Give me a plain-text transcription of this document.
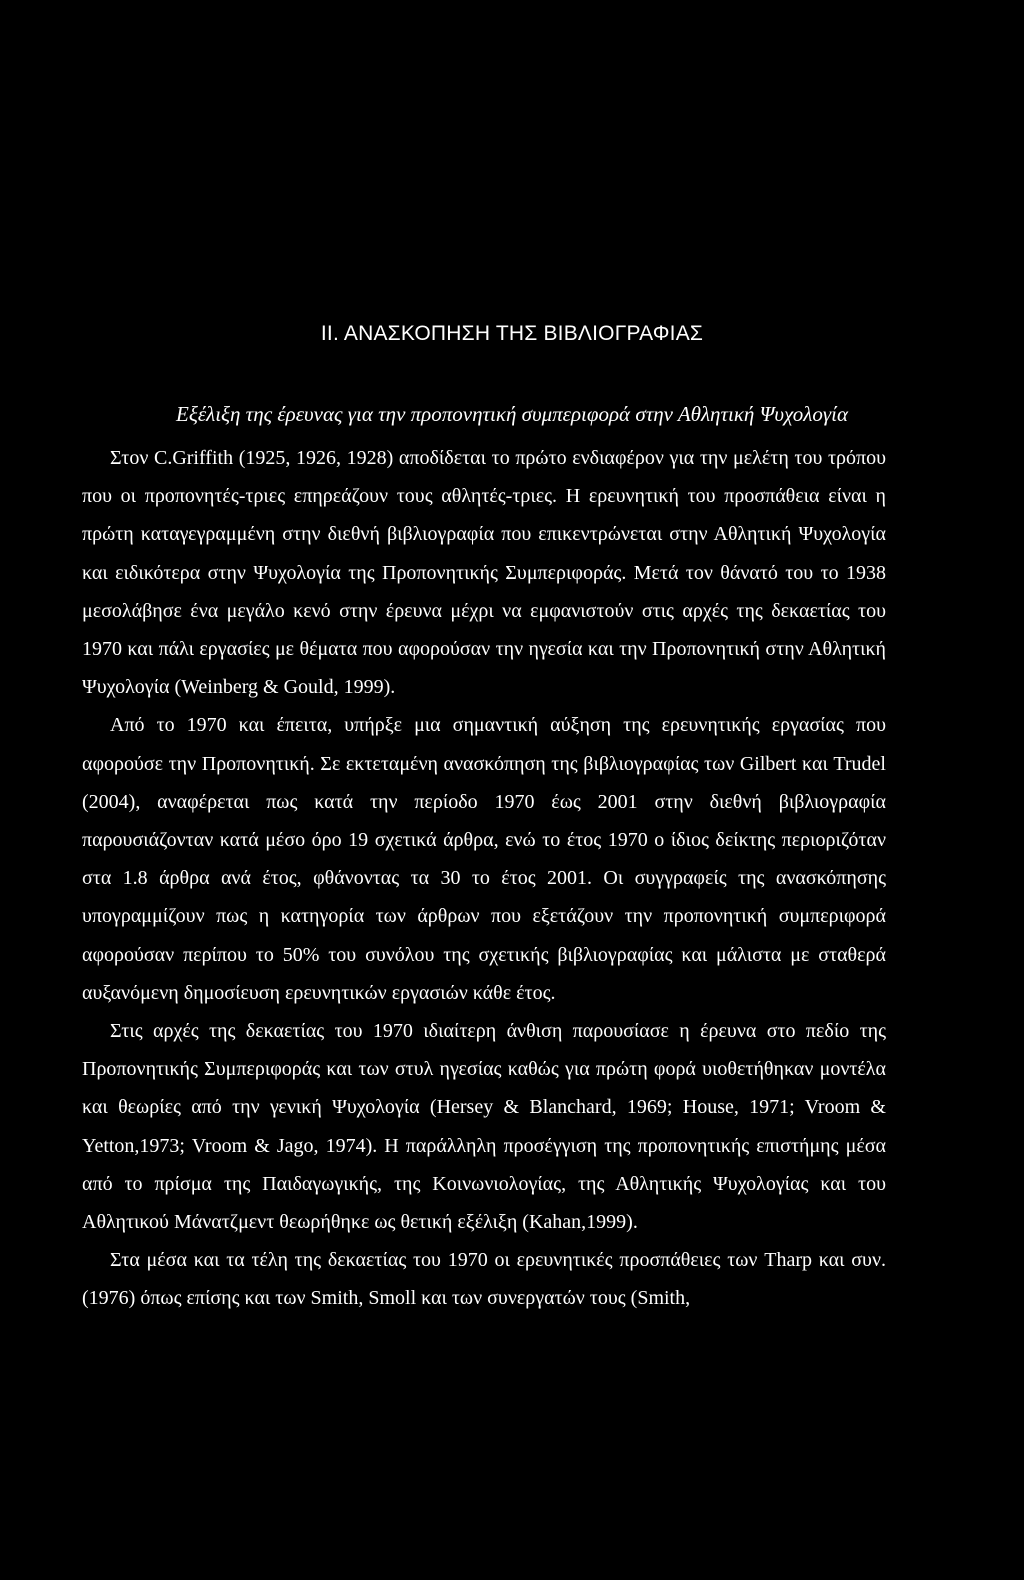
ΙΙ. ΑΝΑΣΚΟΠΗΣΗ ΤΗΣ ΒΙΒΛΙΟΓΡΑΦΙΑΣ
Εξέλιξη της έρευνας για την προπονητική συμπεριφορά στην Αθλητική Ψυχολογία

Στον C.Griffith (1925, 1926, 1928) αποδίδεται το πρώτο ενδιαφέρον για την μελέτη του τρόπου που οι προπονητές-τριες επηρεάζουν τους αθλητές-τριες. Η ερευνητική του προσπάθεια είναι η πρώτη καταγεγραμμένη στην διεθνή βιβλιογραφία που επικεντρώνεται στην Αθλητική Ψυχολογία και ειδικότερα στην Ψυχολογία της Προπονητικής Συμπεριφοράς. Μετά τον θάνατό του το 1938 μεσολάβησε ένα μεγάλο κενό στην έρευνα μέχρι να εμφανιστούν στις αρχές της δεκαετίας του 1970 και πάλι εργασίες με θέματα που αφορούσαν την ηγεσία και την Προπονητική στην Αθλητική Ψυχολογία (Weinberg & Gould, 1999).

Από το 1970 και έπειτα, υπήρξε μια σημαντική αύξηση της ερευνητικής εργασίας που αφορούσε την Προπονητική. Σε εκτεταμένη ανασκόπηση της βιβλιογραφίας των Gilbert και Trudel (2004), αναφέρεται πως κατά την περίοδο 1970 έως 2001 στην διεθνή βιβλιογραφία παρουσιάζονταν κατά μέσο όρο 19 σχετικά άρθρα, ενώ το έτος 1970 ο ίδιος δείκτης περιοριζόταν στα 1.8 άρθρα ανά έτος, φθάνοντας τα 30 το έτος 2001. Οι συγγραφείς της ανασκόπησης υπογραμμίζουν πως η κατηγορία των άρθρων που εξετάζουν την προπονητική συμπεριφορά αφορούσαν περίπου το 50% του συνόλου της σχετικής βιβλιογραφίας και μάλιστα με σταθερά αυξανόμενη δημοσίευση ερευνητικών εργασιών κάθε έτος.

Στις αρχές της δεκαετίας του 1970 ιδιαίτερη άνθιση παρουσίασε η έρευνα στο πεδίο της Προπονητικής Συμπεριφοράς και των στυλ ηγεσίας καθώς για πρώτη φορά υιοθετήθηκαν μοντέλα και θεωρίες από την γενική Ψυχολογία (Hersey & Blanchard, 1969; House, 1971; Vroom & Yetton,1973; Vroom & Jago, 1974). Η παράλληλη προσέγγιση της προπονητικής επιστήμης μέσα από το πρίσμα της Παιδαγωγικής, της Κοινωνιολογίας, της Αθλητικής Ψυχολογίας και του Αθλητικού Μάνατζμεντ θεωρήθηκε ως θετική εξέλιξη (Kahan,1999).

Στα μέσα και τα τέλη της δεκαετίας του 1970 οι ερευνητικές προσπάθειες των Tharp και συν. (1976) όπως επίσης και των Smith, Smoll και των συνεργατών τους (Smith,
